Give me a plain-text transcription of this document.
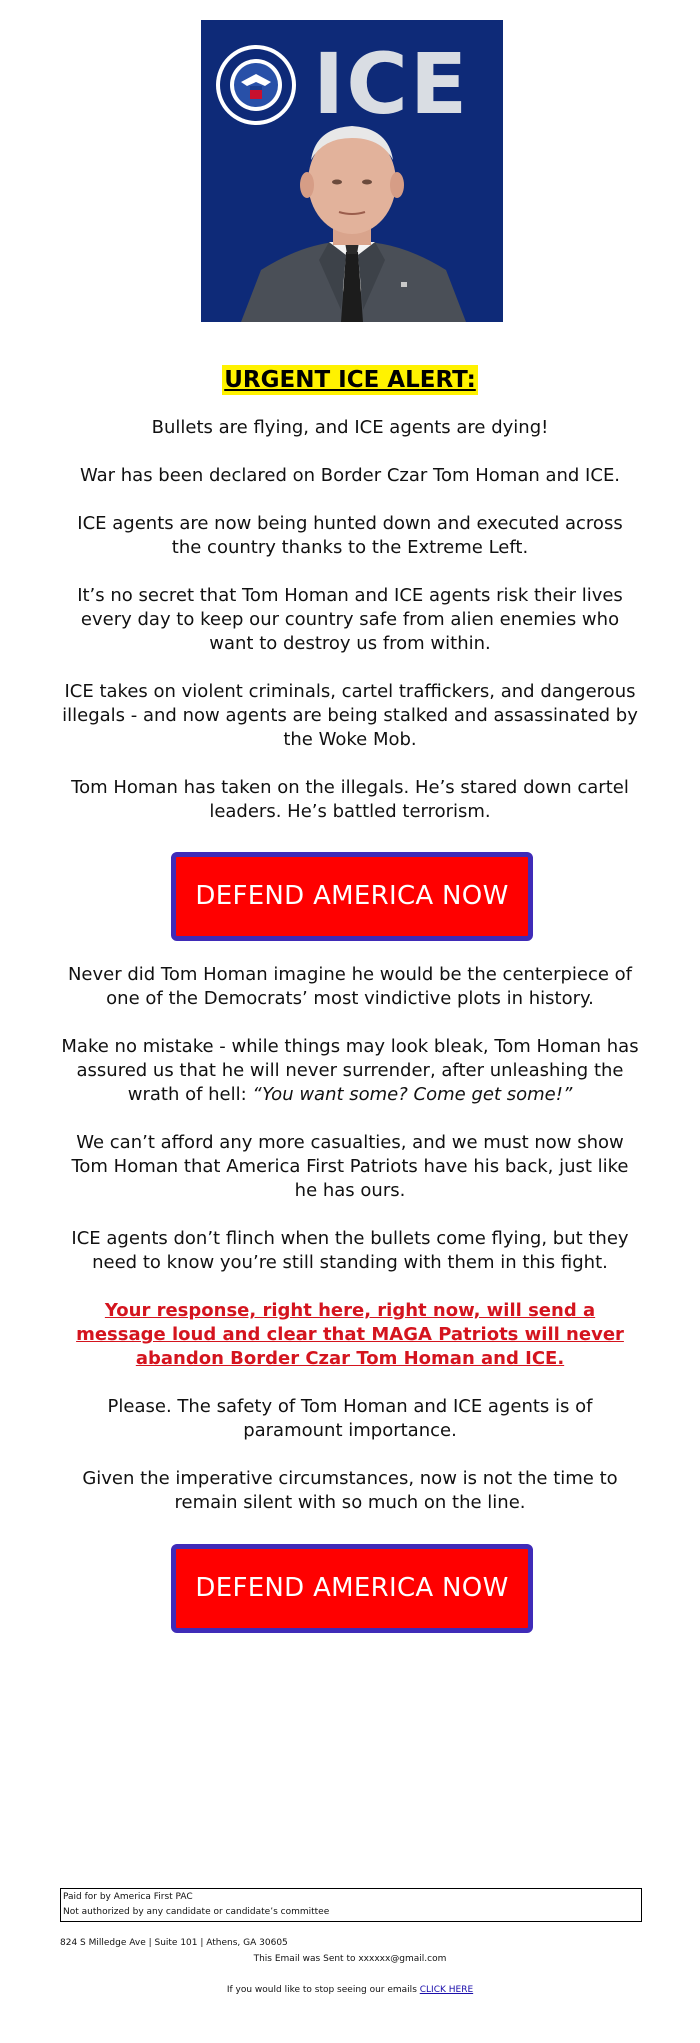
ICE
URGENT ICE ALERT:
Bullets are flying, and ICE agents are dying!
War has been declared on Border Czar Tom Homan and ICE.
ICE agents are now being hunted down and executed across the country thanks to the Extreme Left.
It’s no secret that Tom Homan and ICE agents risk their lives every day to keep our country safe from alien enemies who want to destroy us from within.
ICE takes on violent criminals, cartel traffickers, and dangerous illegals - and now agents are being stalked and assassinated by the Woke Mob.
Tom Homan has taken on the illegals. He’s stared down cartel leaders. He’s battled terrorism.
DEFEND AMERICA NOW
Never did Tom Homan imagine he would be the centerpiece of one of the Democrats’ most vindictive plots in history.
Make no mistake - while things may look bleak, Tom Homan has assured us that he will never surrender, after unleashing the wrath of hell: “You want some? Come get some!”
We can’t afford any more casualties, and we must now show Tom Homan that America First Patriots have his back, just like he has ours.
ICE agents don’t flinch when the bullets come flying, but they need to know you’re still standing with them in this fight.
Your response, right here, right now, will send a message loud and clear that MAGA Patriots will never abandon Border Czar Tom Homan and ICE.
Please. The safety of Tom Homan and ICE agents is of paramount importance.
Given the imperative circumstances, now is not the time to remain silent with so much on the line.
DEFEND AMERICA NOW
Paid for by America First PAC
Not authorized by any candidate or candidate’s committee
824 S Milledge Ave | Suite 101 | Athens, GA 30605
This Email was Sent to xxxxxx@gmail.com
If you would like to stop seeing our emails CLICK HERE
